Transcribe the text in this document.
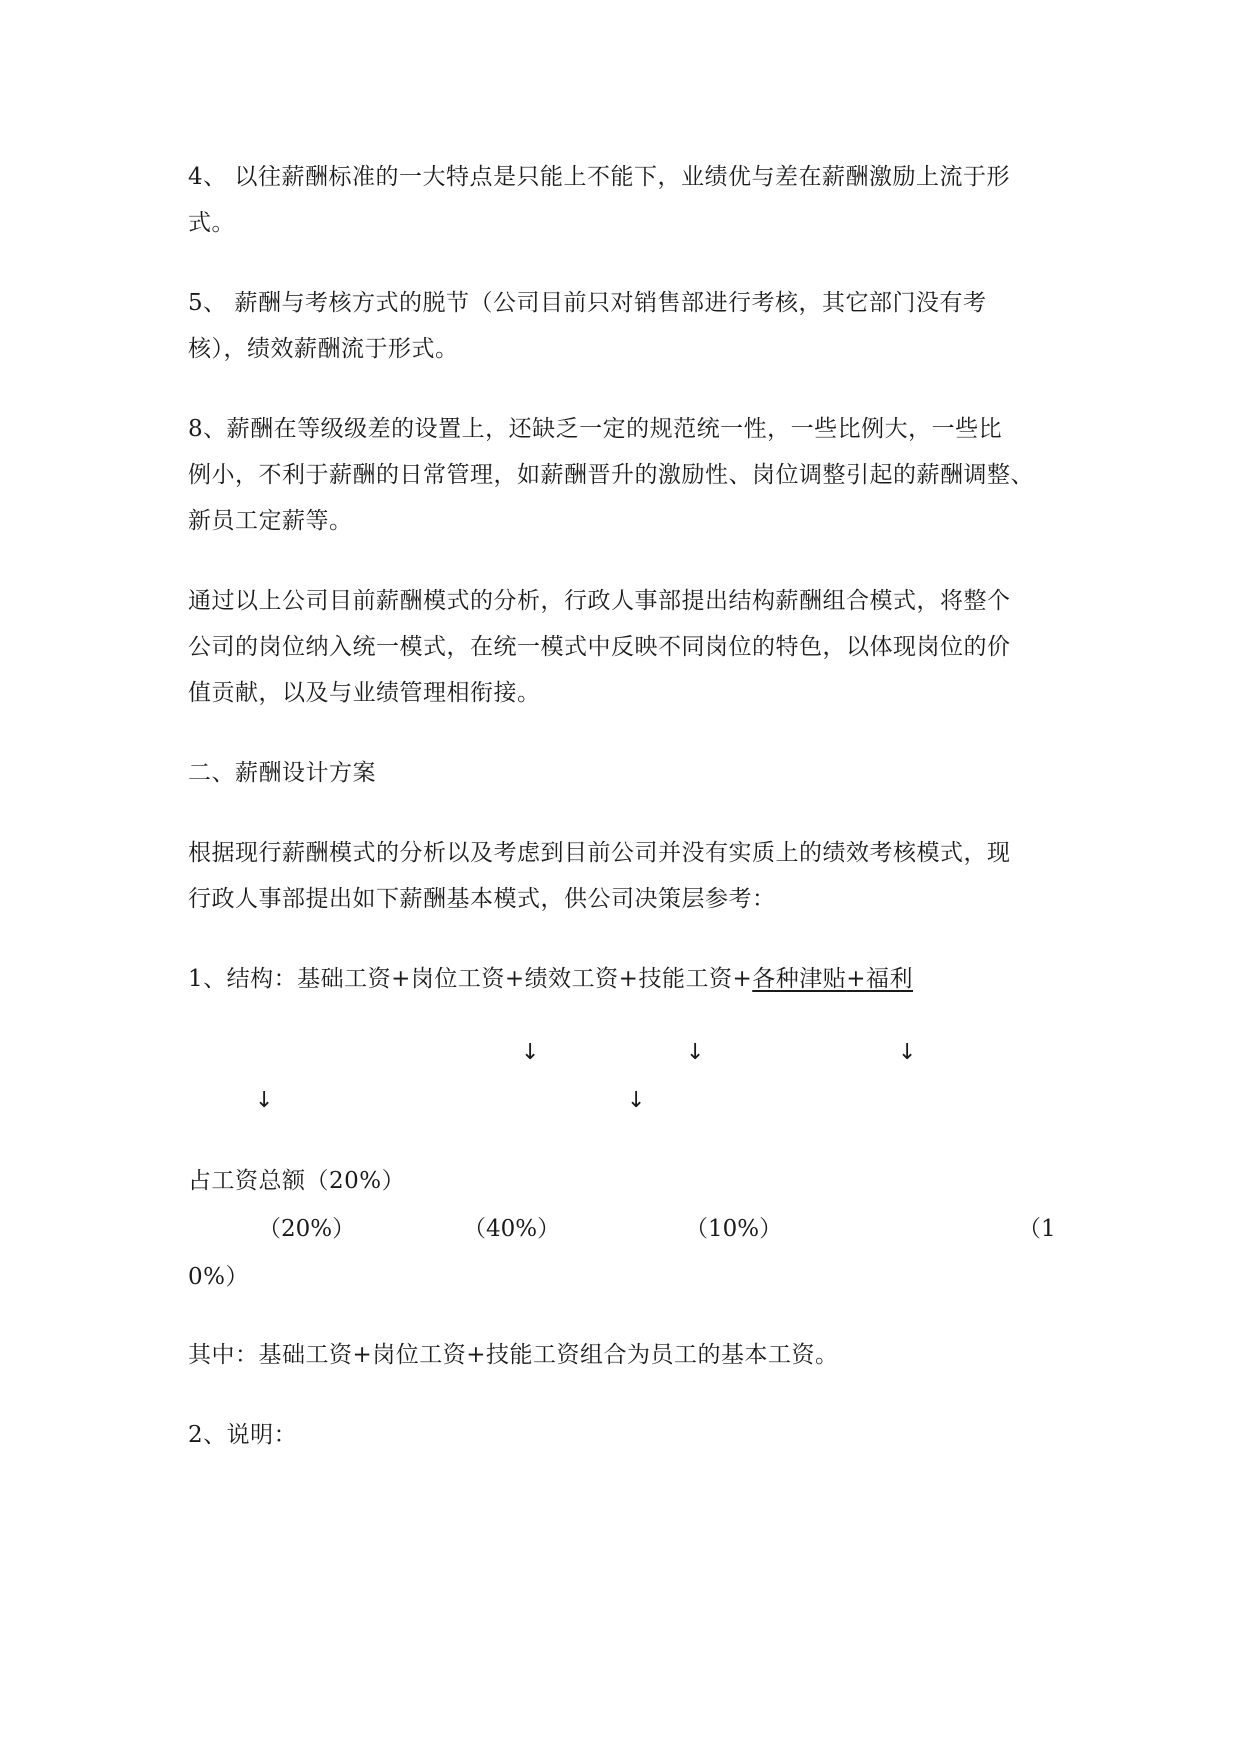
4、 以往薪酬标准的一大特点是只能上不能下，业绩优与差在薪酬激励上流于形
式。
5、 薪酬与考核方式的脱节（公司目前只对销售部进行考核，其它部门没有考
核），绩效薪酬流于形式。
8、薪酬在等级级差的设置上，还缺乏一定的规范统一性，一些比例大，一些比
例小，不利于薪酬的日常管理，如薪酬晋升的激励性、岗位调整引起的薪酬调整、
新员工定薪等。
通过以上公司目前薪酬模式的分析，行政人事部提出结构薪酬组合模式，将整个
公司的岗位纳入统一模式，在统一模式中反映不同岗位的特色，以体现岗位的价
值贡献，以及与业绩管理相衔接。
二、薪酬设计方案
根据现行薪酬模式的分析以及考虑到目前公司并没有实质上的绩效考核模式，现
行政人事部提出如下薪酬基本模式，供公司决策层参考：
1、结构：基础工资+岗位工资+绩效工资+技能工资+各种津贴+福利
↓	↓	↓
↓	↓
占工资总额（20%）
（20%）	（40%）	（10%）	（1
0%）
其中：基础工资+岗位工资+技能工资组合为员工的基本工资。
2、说明：
